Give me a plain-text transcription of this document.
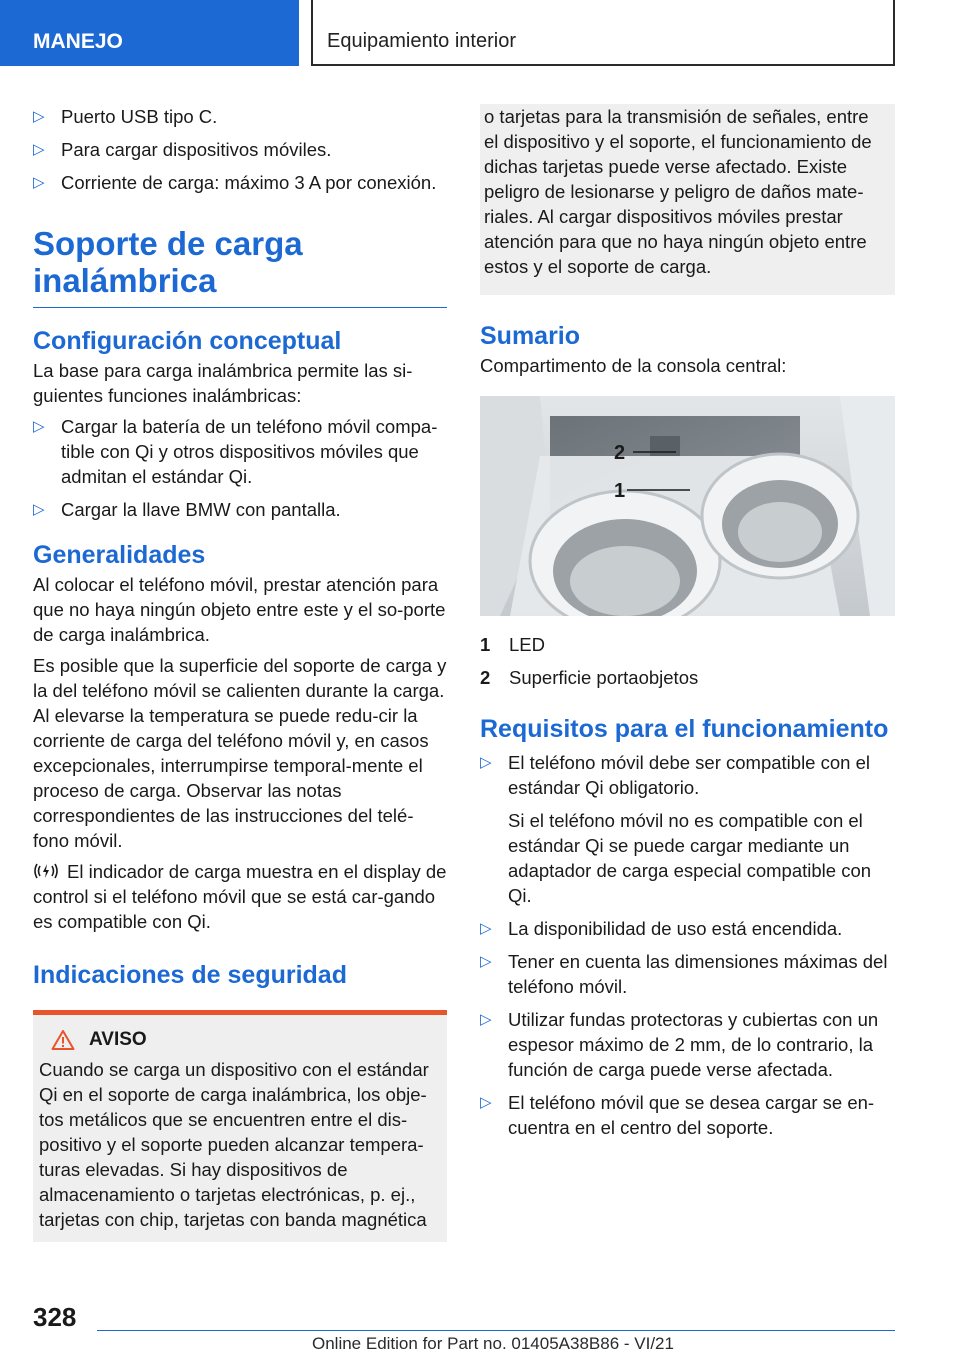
MANEJO	Equipamiento interior
▷ Puerto USB tipo C.
▷ Para cargar dispositivos móviles.
▷ Corriente de carga: máximo 3 A por conexión.
Soporte de carga inalámbrica
Configuración conceptual

La base para carga inalámbrica permite las si-guientes funciones inalámbricas:

▷ Cargar la batería de un teléfono móvil compa-tible con Qi y otros dispositivos móviles que admitan el estándar Qi.
▷ Cargar la llave BMW con pantalla.
Generalidades

Al colocar el teléfono móvil, prestar atención para que no haya ningún objeto entre este y el so-porte de carga inalámbrica.

Es posible que la superficie del soporte de carga y la del teléfono móvil se calienten durante la carga. Al elevarse la temperatura se puede redu-cir la corriente de carga del teléfono móvil y, en casos excepcionales, interrumpirse temporal-mente el proceso de carga. Observar las notas correspondientes de las instrucciones del telé-fono móvil.

El indicador de carga muestra en el display de control si el teléfono móvil que se está car-gando es compatible con Qi.

Indicaciones de seguridad
AVISO

Cuando se carga un dispositivo con el estándar Qi en el soporte de carga inalámbrica, los obje-tos metálicos que se encuentren entre el dis-positivo y el soporte pueden alcanzar tempera-turas elevadas. Si hay dispositivos de almacenamiento o tarjetas electrónicas, p. ej., tarjetas con chip, tarjetas con banda magnética

o tarjetas para la transmisión de señales, entre el dispositivo y el soporte, el funcionamiento de dichas tarjetas puede verse afectado. Existe peligro de lesionarse y peligro de daños mate-riales. Al cargar dispositivos móviles prestar atención para que no haya ningún objeto entre estos y el soporte de carga.

Sumario

Compartimento de la consola central:

2
1
1	LED
2	Superficie portaobjetos
Requisitos para el funcionamiento
▷ El teléfono móvil debe ser compatible con el estándar Qi obligatorio.

Si el teléfono móvil no es compatible con el estándar Qi se puede cargar mediante un adaptador de carga especial compatible con Qi.

▷ La disponibilidad de uso está encendida.
▷ Tener en cuenta las dimensiones máximas del teléfono móvil.
▷ Utilizar fundas protectoras y cubiertas con un espesor máximo de 2 mm, de lo contrario, la función de carga puede verse afectada.
▷ El teléfono móvil que se desea cargar se en-cuentra en el centro del soporte.
328
Online Edition for Part no. 01405A38B86 - VI/21
